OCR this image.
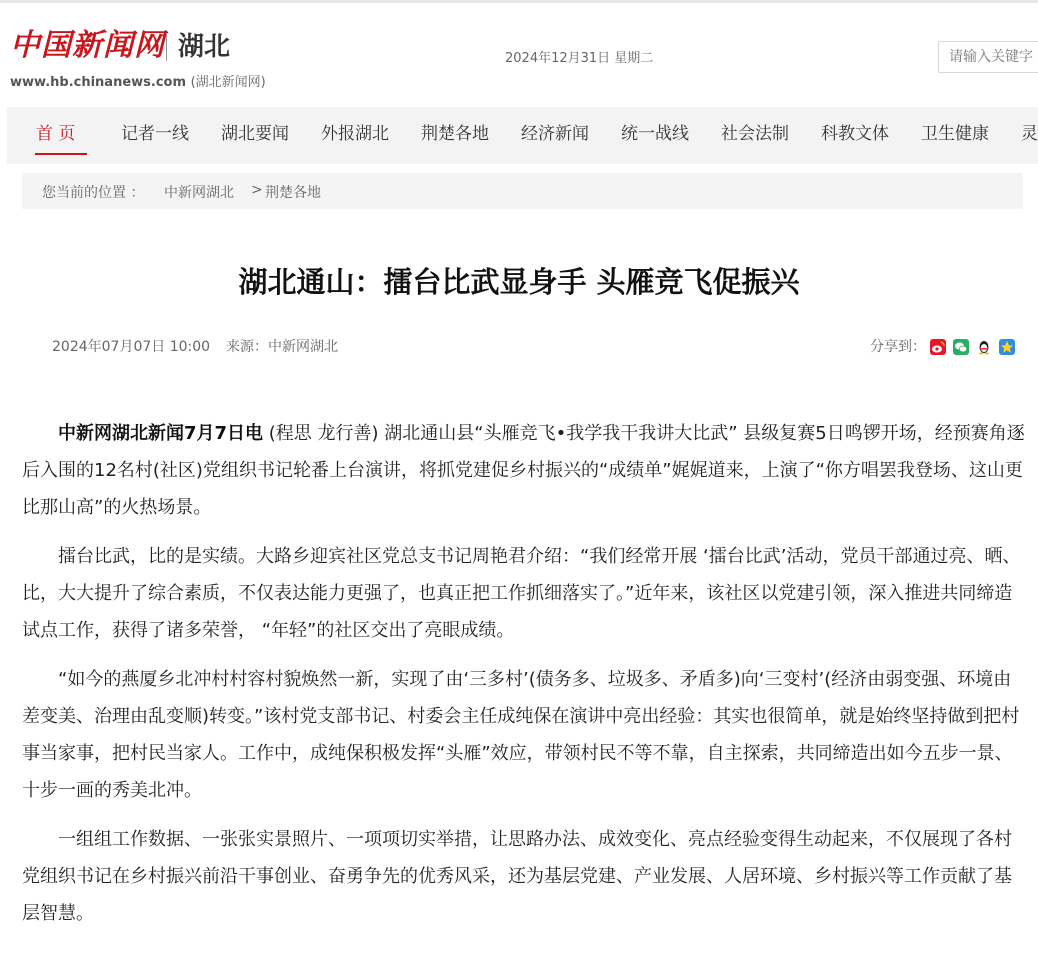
中国新闻网 湖北
www.hb.chinanews.com (湖北新闻网)
2024年12月31日 星期二
请输入关键字
首 页	记者一线 湖北要闻 外报湖北 荆楚各地 经济新闻 统一战线 社会法制 科教文体 卫生健康 灵
您当前的位置 ： 中新网湖北 > 荆楚各地
湖北通山：擂台比武显身手 头雁竞飞促振兴
2024年07月07日 10:00 来源：中新网湖北	分享到：

中新网湖北新闻7月7日电 (程思 龙行善) 湖北通山县“头雁竞飞•我学我干我讲大比武” 县级复赛5日鸣锣开场，经预赛角逐后入围的12名村(社区)党组织书记轮番上台演讲，将抓党建促乡村振兴的“成绩单”娓娓道来，上演了“你方唱罢我登场、这山更比那山高”的火热场景。

擂台比武，比的是实绩。大路乡迎宾社区党总支书记周艳君介绍：“我们经常开展 ‘擂台比武’活动，党员干部通过亮、晒、比，大大提升了综合素质，不仅表达能力更强了，也真正把工作抓细落实了。”近年来，该社区以党建引领，深入推进共同缔造试点工作，获得了诸多荣誉， “年轻”的社区交出了亮眼成绩。

“如今的燕厦乡北冲村村容村貌焕然一新，实现了由‘三多村’(债务多、垃圾多、矛盾多)向‘三变村’(经济由弱变强、环境由差变美、治理由乱变顺)转变。”该村党支部书记、村委会主任成纯保在演讲中亮出经验：其实也很简单，就是始终坚持做到把村事当家事，把村民当家人。工作中，成纯保积极发挥“头雁”效应，带领村民不等不靠，自主探索，共同缔造出如今五步一景、十步一画的秀美北冲。

一组组工作数据、一张张实景照片、一项项切实举措，让思路办法、成效变化、亮点经验变得生动起来，不仅展现了各村党组织书记在乡村振兴前沿干事创业、奋勇争先的优秀风采，还为基层党建、产业发展、人居环境、乡村振兴等工作贡献了基层智慧。
